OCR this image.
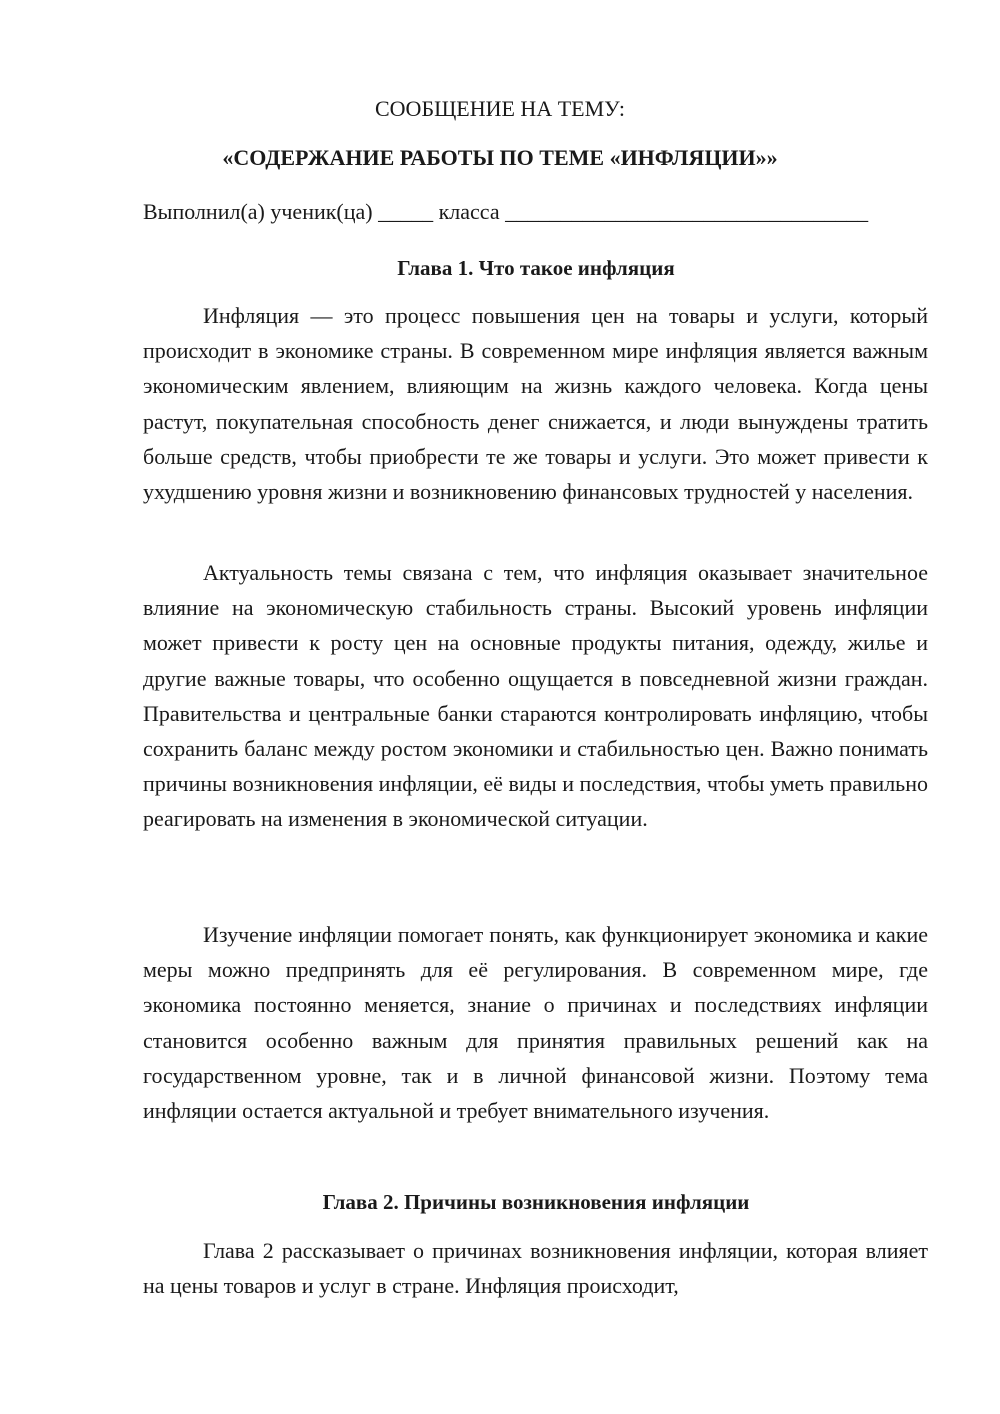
СООБЩЕНИЕ НА ТЕМУ:
«СОДЕРЖАНИЕ РАБОТЫ ПО ТЕМЕ «ИНФЛЯЦИИ»»
Выполнил(а) ученик(ца) _____ класса _________________________________
Глава 1. Что такое инфляция

Инфляция — это процесс повышения цен на товары и услуги, который происходит в экономике страны. В современном мире инфляция является важным экономическим явлением, влияющим на жизнь каждого человека. Когда цены растут, покупательная способность денег снижается, и люди вынуждены тратить больше средств, чтобы приобрести те же товары и услуги. Это может привести к ухудшению уровня жизни и возникновению финансовых трудностей у населения.

Актуальность темы связана с тем, что инфляция оказывает значительное влияние на экономическую стабильность страны. Высокий уровень инфляции может привести к росту цен на основные продукты питания, одежду, жилье и другие важные товары, что особенно ощущается в повседневной жизни граждан. Правительства и центральные банки стараются контролировать инфляцию, чтобы сохранить баланс между ростом экономики и стабильностью цен. Важно понимать причины возникновения инфляции, её виды и последствия, чтобы уметь правильно реагировать на изменения в экономической ситуации.

Изучение инфляции помогает понять, как функционирует экономика и какие меры можно предпринять для её регулирования. В современном мире, где экономика постоянно меняется, знание о причинах и последствиях инфляции становится особенно важным для принятия правильных решений как на государственном уровне, так и в личной финансовой жизни. Поэтому тема инфляции остается актуальной и требует внимательного изучения.

Глава 2. Причины возникновения инфляции

Глава 2 рассказывает о причинах возникновения инфляции, которая влияет на цены товаров и услуг в стране. Инфляция происходит,
